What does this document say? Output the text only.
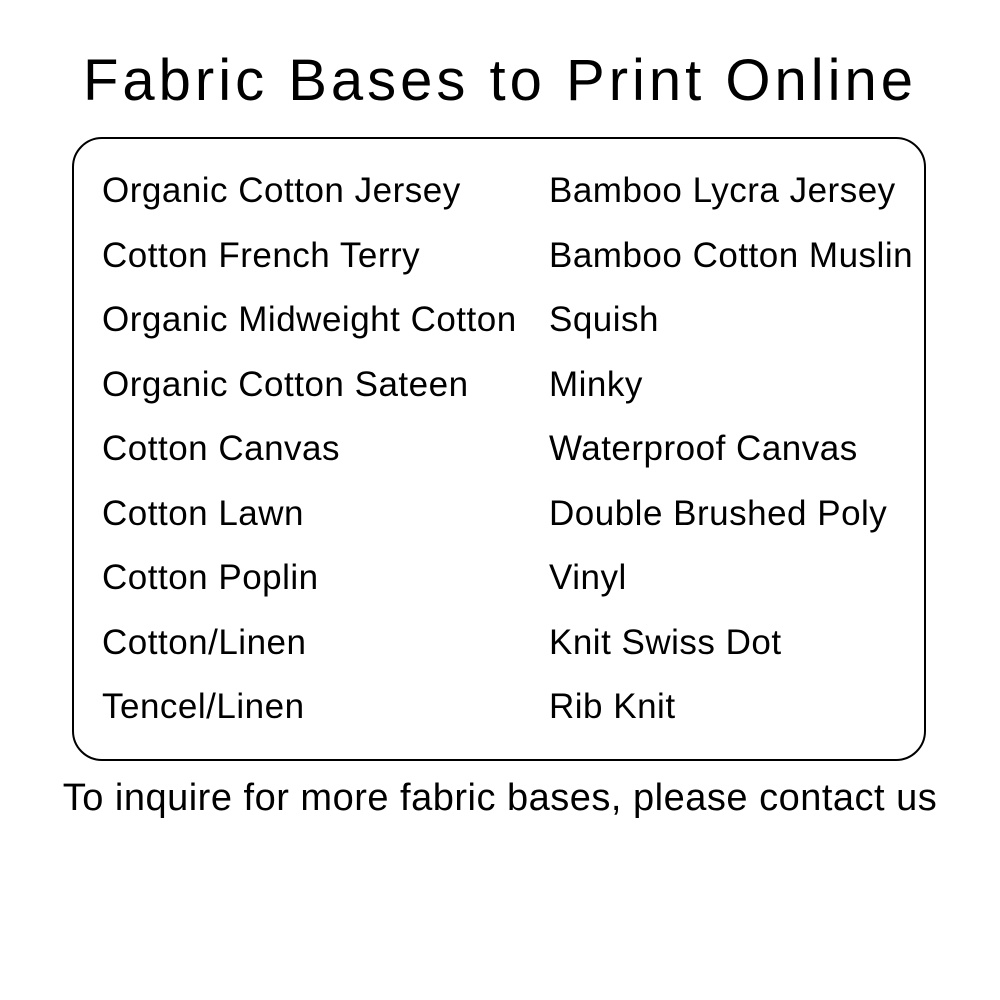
Fabric Bases to Print Online
Organic Cotton Jersey
Cotton French Terry
Organic Midweight Cotton
Organic Cotton Sateen
Cotton Canvas
Cotton Lawn
Cotton Poplin
Cotton/Linen
Tencel/Linen
Bamboo Lycra Jersey
Bamboo Cotton Muslin
Squish
Minky
Waterproof Canvas
Double Brushed Poly
Vinyl
Knit Swiss Dot
Rib Knit

To inquire for more fabric bases, please contact us
